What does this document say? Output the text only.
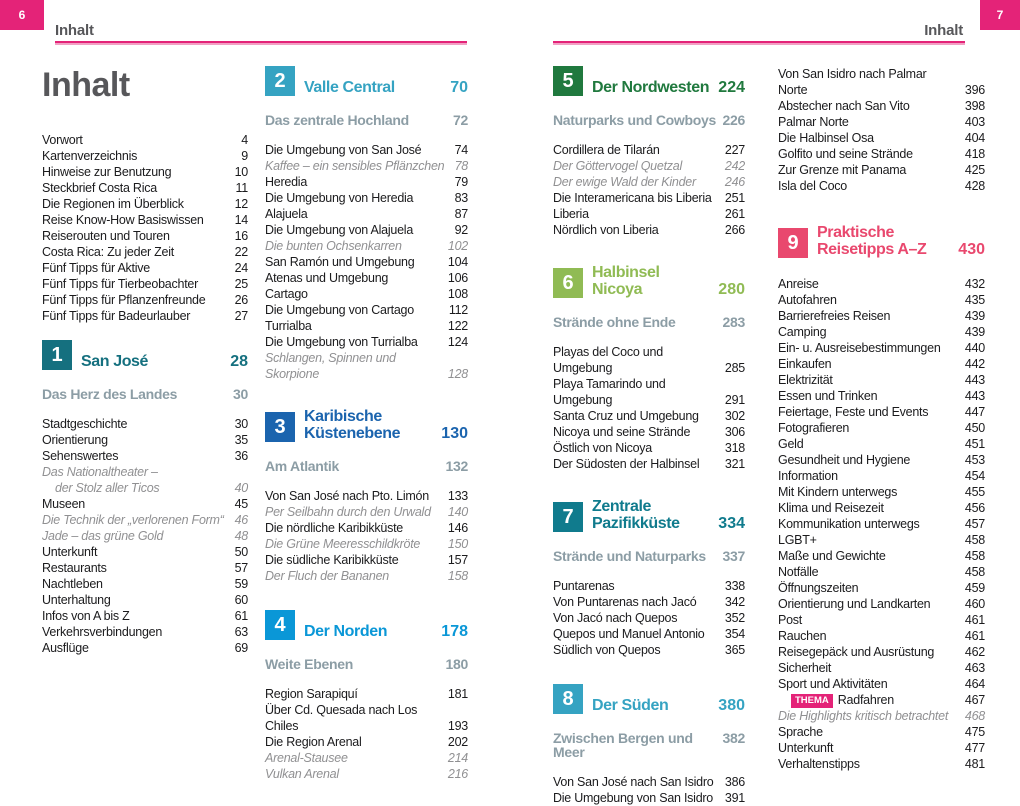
6
Inhalt
7
Inhalt
Inhalt
Vorwort	4
Kartenverzeichnis	9
Hinweise zur Benutzung	10
Steckbrief Costa Rica	11
Die Regionen im Überblick	12
Reise Know-How Basiswissen	14
Reiserouten und Touren	16
Costa Rica: Zu jeder Zeit	22
Fünf Tipps für Aktive	24
Fünf Tipps für Tierbeobachter	25
Fünf Tipps für Pflanzenfreunde	26
Fünf Tipps für Badeurlauber	27
1	San José	28
Das Herz des Landes	30
Stadtgeschichte	30
Orientierung	35
Sehenswertes	36
Das Nationaltheater –
der Stolz aller Ticos	40
Museen	45
Die Technik der „verlorenen Form“ 46
Jade – das grüne Gold	48
Unterkunft	50
Restaurants	57
Nachtleben	59
Unterhaltung	60
Infos von A bis Z	61
Verkehrsverbindungen	63
Ausflüge	69
2	Valle Central	70
Das zentrale Hochland	72
Die Umgebung von San José	74
Kaffee – ein sensibles Pflänzchen 78
Heredia	79
Die Umgebung von Heredia	83
Alajuela	87
Die Umgebung von Alajuela	92
Die bunten Ochsenkarren	102
San Ramón und Umgebung	104
Atenas und Umgebung	106
Cartago	108
Die Umgebung von Cartago	112
Turrialba	122
Die Umgebung von Turrialba	124
Schlangen, Spinnen und Skorpione	128
3	Karibische
Küstenebene	130
Am Atlantik	132
Von San José nach Pto. Limón	133
Per Seilbahn durch den Urwald	140
Die nördliche Karibikküste	146
Die Grüne Meeresschildkröte	150
Die südliche Karibikküste	157
Der Fluch der Bananen	158
4	Der Norden	178
Weite Ebenen	180
Region Sarapiquí	181
Über Cd. Quesada nach Los Chiles	193
Die Region Arenal	202
Arenal-Stausee	214
Vulkan Arenal	216
5	Der Nordwesten 224
Naturparks und Cowboys 226
Cordillera de Tilarán	227
Der Göttervogel Quetzal	242
Der ewige Wald der Kinder	246
Die Interamericana bis Liberia	251
Liberia	261
Nördlich von Liberia	266
6	Halbinsel Nicoya	280
Strände ohne Ende	283
Playas del Coco und Umgebung	285
Playa Tamarindo und Umgebung	291
Santa Cruz und Umgebung	302
Nicoya und seine Strände	306
Östlich von Nicoya	318
Der Südosten der Halbinsel	321
7	Zentrale
Pazifikküste	334
Strände und Naturparks	337
Puntarenas	338
Von Puntarenas nach Jacó	342
Von Jacó nach Quepos	352
Quepos und Manuel Antonio	354
Südlich von Quepos	365
8	Der Süden	380
Zwischen Bergen und Meer
382
Von San José nach San Isidro 386
Die Umgebung von San Isidro 391
Von San Isidro nach Palmar Norte	396
Abstecher nach San Vito	398
Palmar Norte	403
Die Halbinsel Osa	404
Golfito und seine Strände	418
Zur Grenze mit Panama	425
Isla del Coco	428
9	Praktische
Reisetipps A–Z	430
Anreise	432
Autofahren	435
Barrierefreies Reisen	439
Camping	439
Ein- u. Ausreisebestimmungen	440
Einkaufen	442
Elektrizität	443
Essen und Trinken	443
Feiertage, Feste und Events	447
Fotografieren	450
Geld	451
Gesundheit und Hygiene	453
Information	454
Mit Kindern unterwegs	455
Klima und Reisezeit	456
Kommunikation unterwegs	457
LGBT+	458
Maße und Gewichte	458
Notfälle	458
Öffnungszeiten	459
Orientierung und Landkarten	460
Post	461
Rauchen	461
Reisegepäck und Ausrüstung	462
Sicherheit	463
Sport und Aktivitäten	464
THEMA Radfahren	467
Die Highlights kritisch betrachtet	468
Sprache	475
Unterkunft	477
Verhaltenstipps	481
